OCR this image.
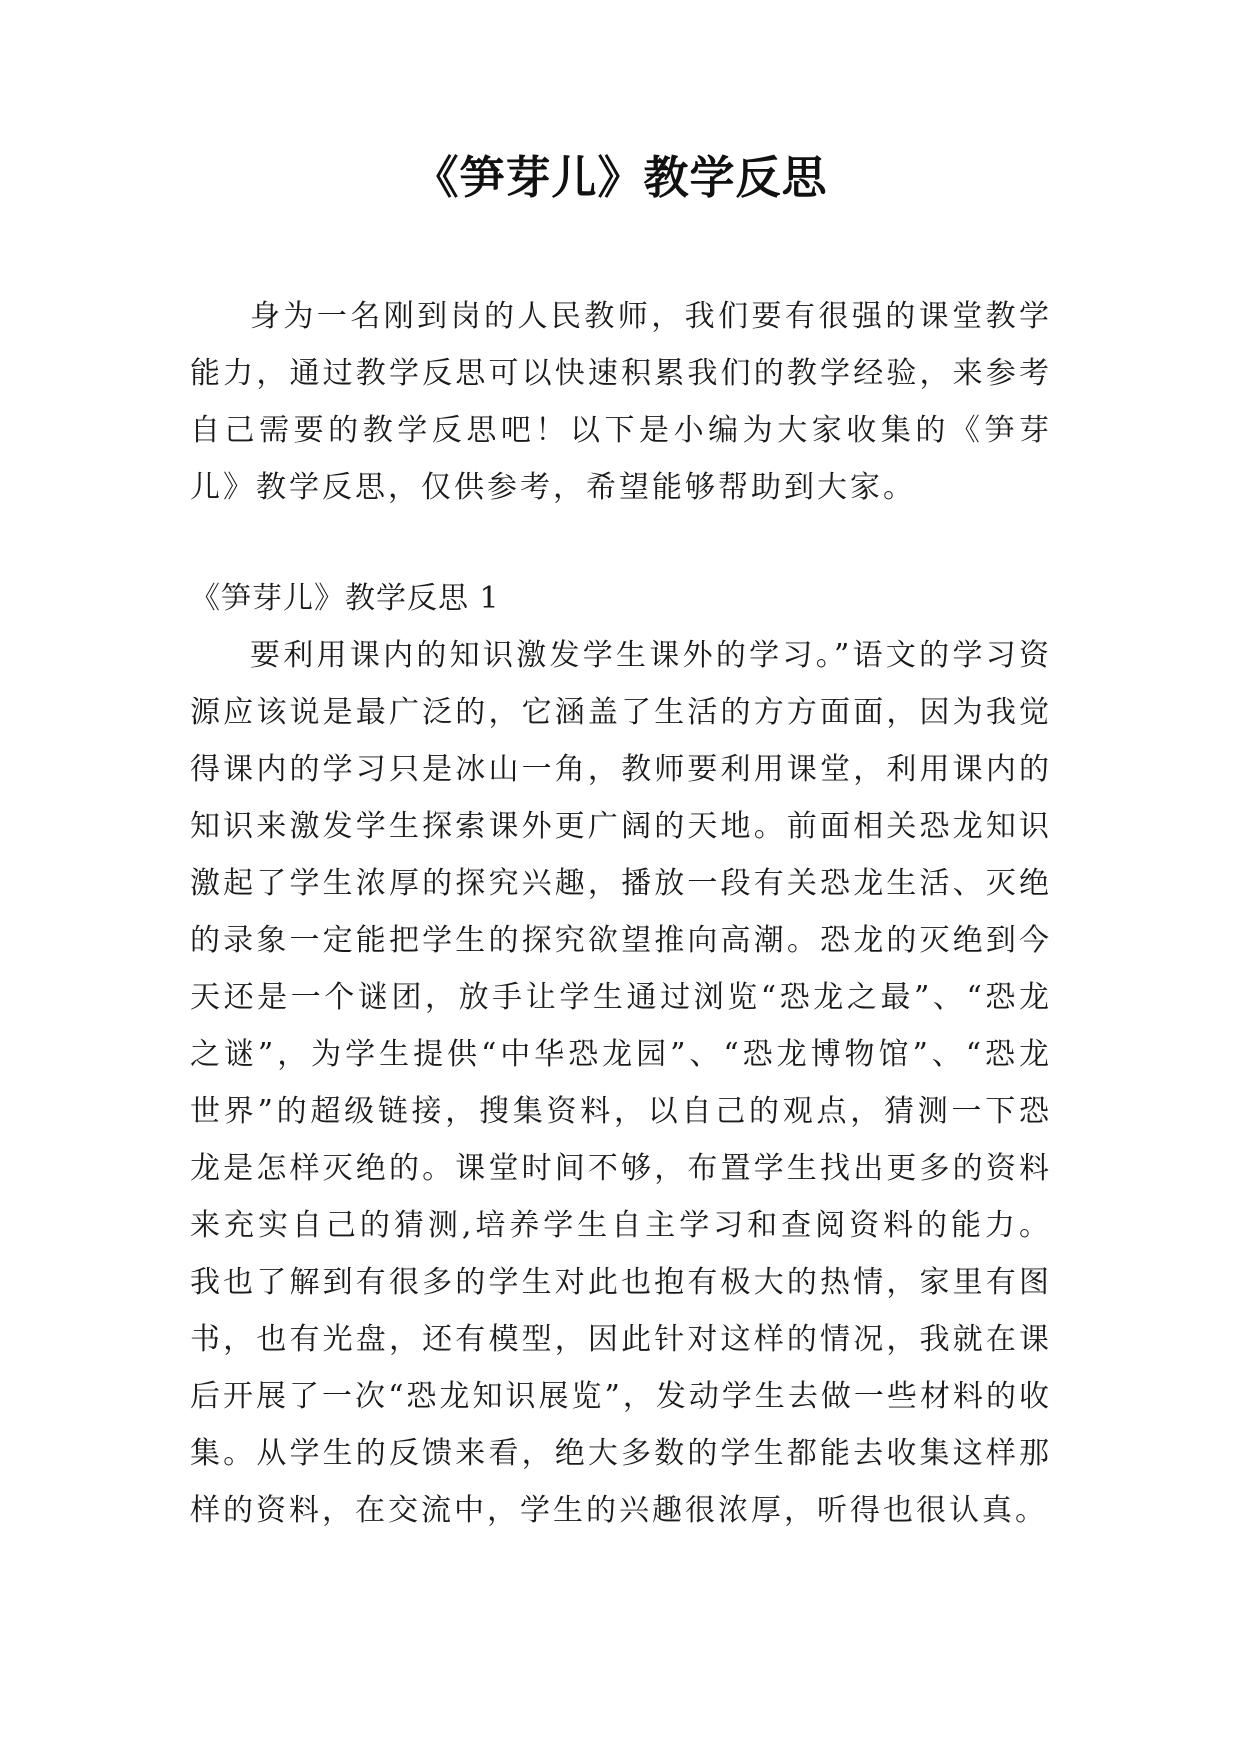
《笋芽儿》教学反思

身为一名刚到岗的人民教师，我们要有很强的课堂教学能力，通过教学反思可以快速积累我们的教学经验，来参考自己需要的教学反思吧！以下是小编为大家收集的《笋芽儿》教学反思，仅供参考，希望能够帮助到大家。

《笋芽儿》教学反思 1

要利用课内的知识激发学生课外的学习。”语文的学习资源应该说是最广泛的，它涵盖了生活的方方面面，因为我觉得课内的学习只是冰山一角，教师要利用课堂，利用课内的知识来激发学生探索课外更广阔的天地。前面相关恐龙知识激起了学生浓厚的探究兴趣，播放一段有关恐龙生活、灭绝的录象一定能把学生的探究欲望推向高潮。恐龙的灭绝到今天还是一个谜团，放手让学生通过浏览“恐龙之最”、“恐龙之谜”，为学生提供“中华恐龙园”、“恐龙博物馆”、“恐龙世界”的超级链接，搜集资料，以自己的观点，猜测一下恐龙是怎样灭绝的。课堂时间不够，布置学生找出更多的资料来充实自己的猜测,培养学生自主学习和查阅资料的能力。我也了解到有很多的学生对此也抱有极大的热情，家里有图书，也有光盘，还有模型，因此针对这样的情况，我就在课后开展了一次“恐龙知识展览”，发动学生去做一些材料的收集。从学生的反馈来看，绝大多数的学生都能去收集这样那样的资料，在交流中，学生的兴趣很浓厚，听得也很认真。
